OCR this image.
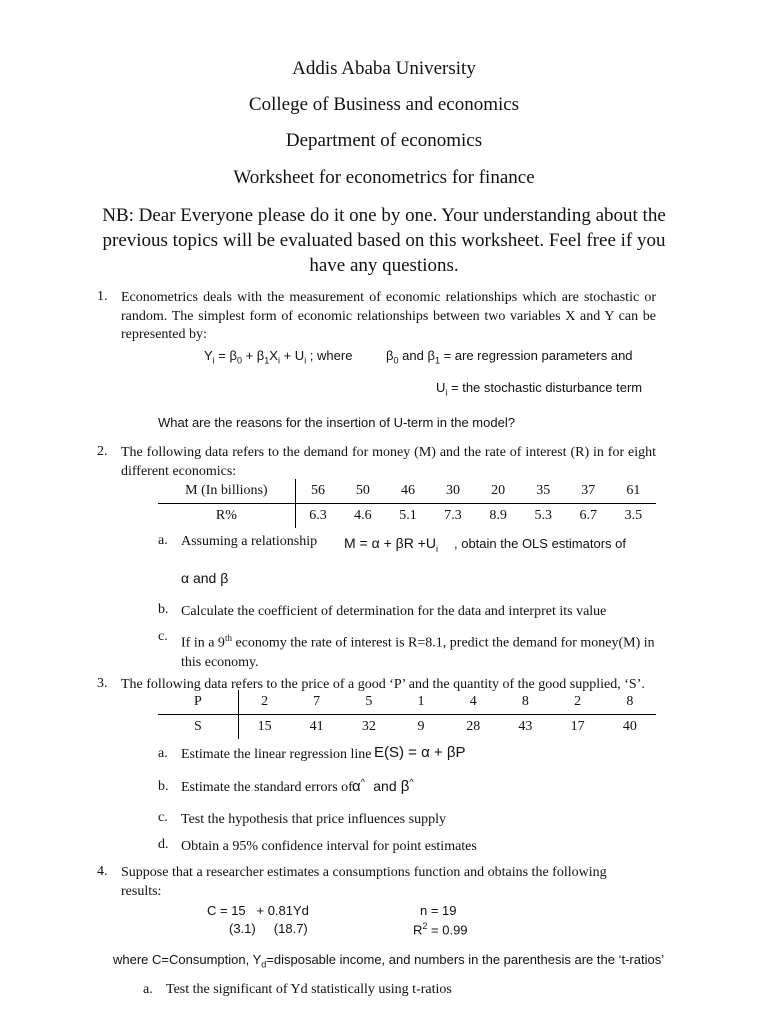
Addis Ababa University
College of Business and economics
Department of economics
Worksheet for econometrics for finance
NB: Dear Everyone please do it one by one. Your understanding about the previous topics will be evaluated based on this worksheet. Feel free if you have any questions.
1. Econometrics deals with the measurement of economic relationships which are stochastic or random. The simplest form of economic relationships between two variables X and Y can be represented by:
$Y_i = \beta_0 + \beta_1X_i + U_i$ ; where	$\beta_0$ and $\beta_1$ = are regression parameters and
$U_i$ = the stochastic disturbance term
What are the reasons for the insertion of U-term in the model?
2. The following data refers to the demand for money (M) and the rate of interest (R) in for eight different economics:
M (In billions)	56	50	46	30	20	35	37	61
R%	6.3	4.6	5.1	7.3	8.9	5.3	6.7	3.5
a. Assuming a relationship $M = \alpha + \beta R +U_i$ , obtain the OLS estimators of
α and β
b. Calculate the coefficient of determination for the data and interpret its value
c. If in a 9th economy the rate of interest is R=8.1, predict the demand for money(M) in this economy.
3. The following data refers to the price of a good ‘P’ and the quantity of the good supplied, ‘S’.
P	2	7	5	1	4	8	2	8
S	15	41	32	9	28	43	17	40
a. Estimate the linear regression line E(S) = α + βP
b. Estimate the standard errors of α^ and β^
c. Test the hypothesis that price influences supply
d. Obtain a 95% confidence interval for point estimates
4. Suppose that a researcher estimates a consumptions function and obtains the following results:
C = 15   + 0.81Yd
(3.1)     (18.7)
n = 19
$R^2 = 0.99$
where C=Consumption, $Y_d=disposable$ income, and numbers in the parenthesis are the ‘t-ratios’
a. Test the significant of Yd statistically using t-ratios
